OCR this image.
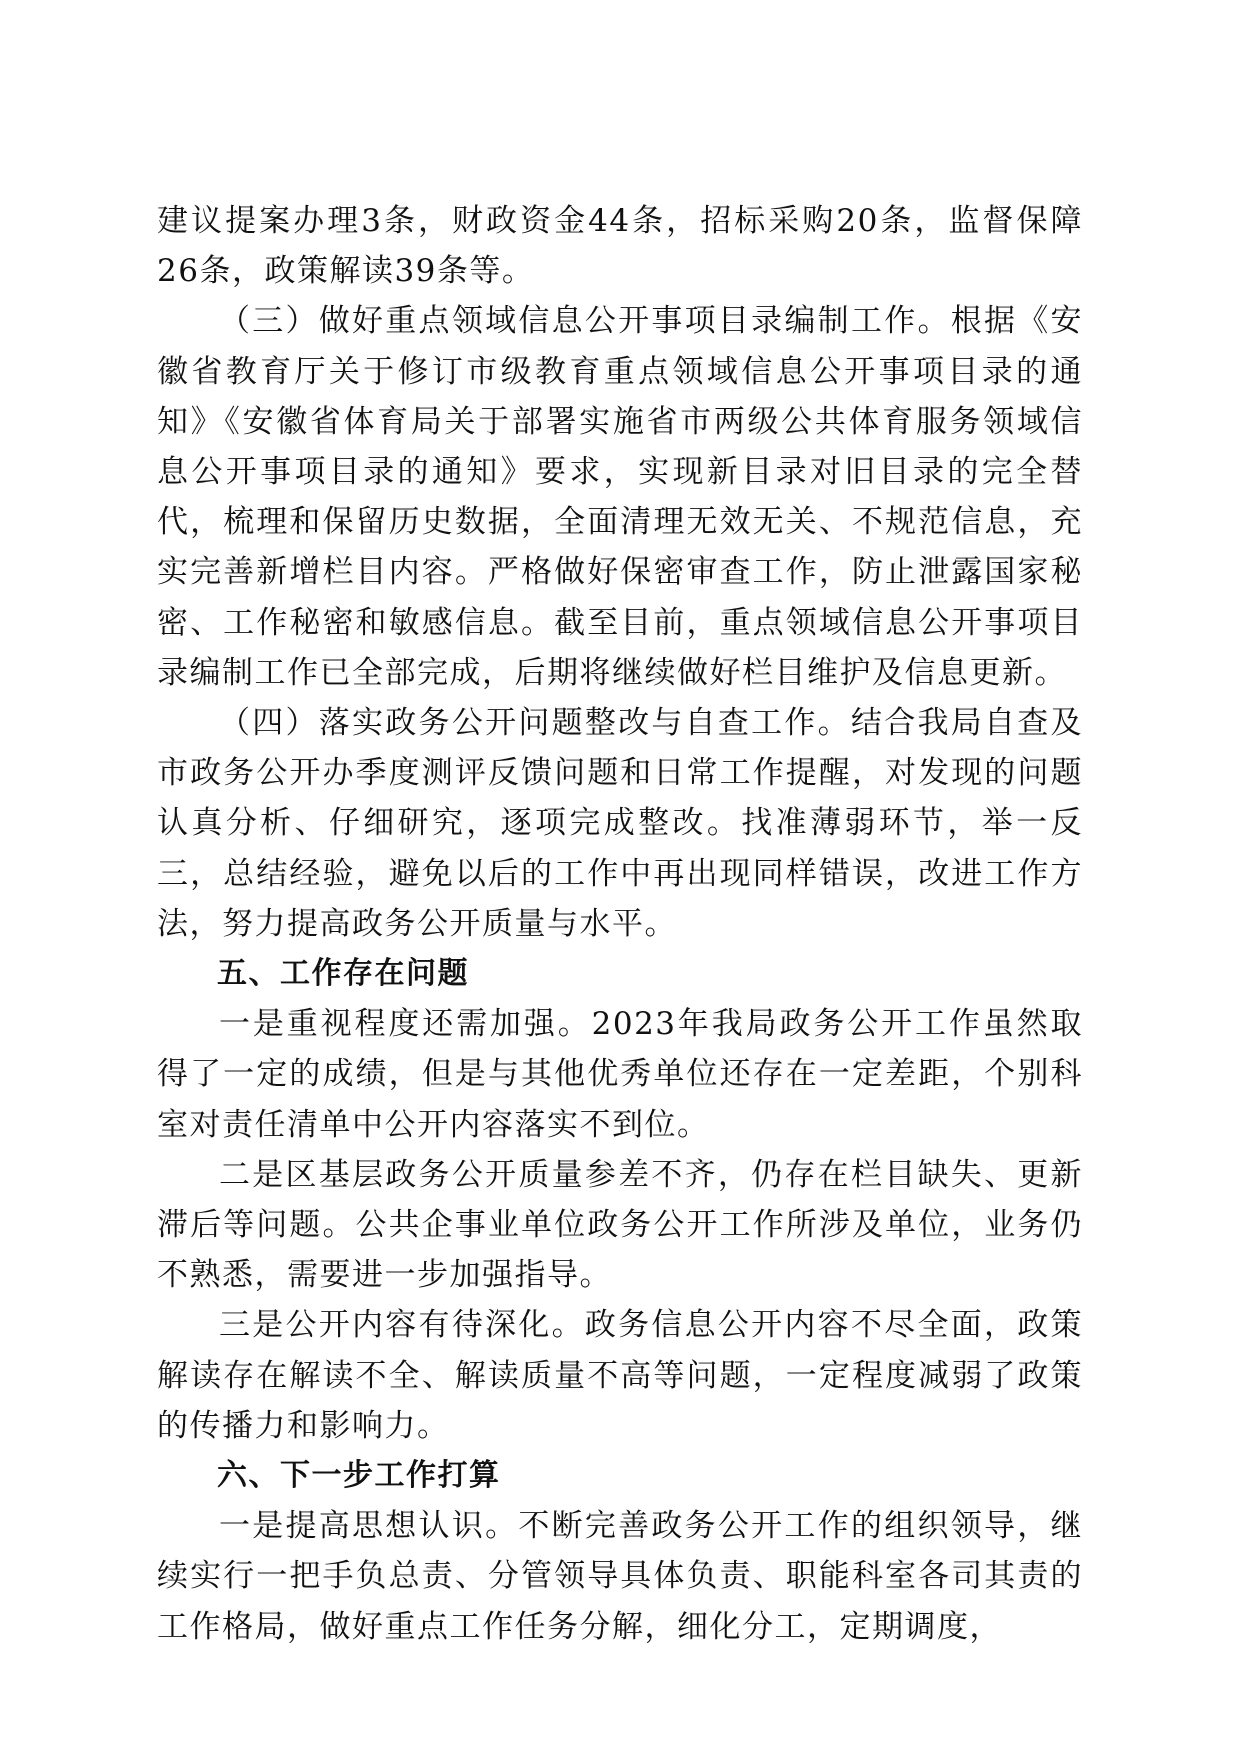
建议提案办理3条，财政资金44条，招标采购20条，监督保障26条，政策解读39条等。

（三）做好重点领域信息公开事项目录编制工作。根据《安徽省教育厅关于修订市级教育重点领域信息公开事项目录的通知》《安徽省体育局关于部署实施省市两级公共体育服务领域信息公开事项目录的通知》要求，实现新目录对旧目录的完全替代，梳理和保留历史数据，全面清理无效无关、不规范信息，充实完善新增栏目内容。严格做好保密审查工作，防止泄露国家秘密、工作秘密和敏感信息。截至目前，重点领域信息公开事项目录编制工作已全部完成，后期将继续做好栏目维护及信息更新。

（四）落实政务公开问题整改与自查工作。结合我局自查及市政务公开办季度测评反馈问题和日常工作提醒，对发现的问题认真分析、仔细研究，逐项完成整改。找准薄弱环节，举一反三，总结经验，避免以后的工作中再出现同样错误，改进工作方法，努力提高政务公开质量与水平。

五、工作存在问题

一是重视程度还需加强。2023年我局政务公开工作虽然取得了一定的成绩，但是与其他优秀单位还存在一定差距，个别科室对责任清单中公开内容落实不到位。

二是区基层政务公开质量参差不齐，仍存在栏目缺失、更新滞后等问题。公共企事业单位政务公开工作所涉及单位，业务仍不熟悉，需要进一步加强指导。

三是公开内容有待深化。政务信息公开内容不尽全面，政策解读存在解读不全、解读质量不高等问题，一定程度减弱了政策的传播力和影响力。

六、下一步工作打算

一是提高思想认识。不断完善政务公开工作的组织领导，继续实行一把手负总责、分管领导具体负责、职能科室各司其责的工作格局，做好重点工作任务分解，细化分工，定期调度，
